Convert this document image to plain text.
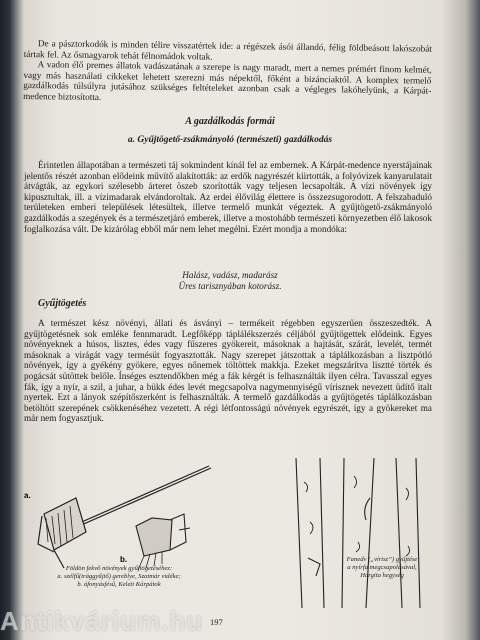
De a pásztorkodók is minden télire visszatértek ide: a régészek ásói állandó, félig földbeásott lakószobát tártak fel. Az ősmagyarok tehát félnomádok voltak.

A vadon élő premes állatok vadászatának a szerepe is nagy maradt, mert a nemes prémért finom kelmét, vagy más használati cikkeket lehetett szerezni más népektől, főként a bizánciaktól. A komplex termelő gazdálkodás túlsúlyra jutásához szükséges feltételeket azonban csak a végleges lakóhelyünk, a Kárpát-medence biztosította.

A gazdálkodás formái
a. Gyűjtögető-zsákmányoló (természeti) gazdálkodás

Érintetlen állapotában a természeti táj sokmindent kínál fel az embernek. A Kárpát-medence nyerstájainak jelentős részét azonban elődeink művítő alakították: az erdők nagyrészét kiirtották, a folyóvizek kanyarulatait átvágták, az egykori szélesebb árteret öszeb szorították vagy teljesen lecsapolták. A vízi növények így kipusztultak, ill. a vízimadarak elvándoroltak. Az erdei élővilág élettere is összezsugorodott. A felszabaduló területeken emberi települések létesültek, illetve termelő munkát végeztek. A gyűjtögető-zsákmányoló gazdálkodás a szegények és a természetjáró emberek, illetve a mostohább természeti környezetben élő lakosok foglalkozása vált. De kizárólag ebből már nem lehet megélni. Ezért mondja a mondóka:

Halász, vadász, madarász
Üres tarisznyában kotorász.
Gyűjtögetés

A természet kész növényi, állati és ásványi – termékeit régebben egyszerűen összeszedték. A gyűjtögetésnek sok emléke fennmaradt. Legfőképp táplálékszerzés céljából gyűjtögettek elődeink. Egyes növényeknek a húsos, lisztes, édes vagy fűszeres gyökereit, másoknak a hajtását, szárát, levelét, termét másoknak a virágát vagy termésüt fogyasztották. Nagy szerepet játszottak a táplálkozásban a lisztpótló növények, így a gyékény gyökere, egyes nőnemek töltöttek makkja. Ezeket megszárítva lisztté törték és pogácsát sütöttek belőle. Ínséges esztendőkben még a fák kérgét is felhasználták ilyen célra. Tavasszal egyes fák, így a nyír, a szil, a juhar, a bükk édes levét megcsapolva nagymennyiségű vírisznek nevezett üdítő italt nyertek. Ezt a lányok szépítőszerként is felhasználták. A termelő gazdálkodás a gyűjtögetés táplálkozásban betöltött szerepének csökkenéséhez vezetett. A régi létfontosságú növények egyrészét, így a gyökereket ma már nem fogyasztjuk.

a.
b.
Földön fekvő növények gyűjtögetéséhez:
a. szélfű(trággyűjtő) gereblye, Szatmár vidéke;
b. áfonyásfésű, Keleti Kárpátok
Fanedv („vírisz”) gyűjtése
a nyírfa megcsapolásával,
Hargita hegység
197
Antikvárium.hu
